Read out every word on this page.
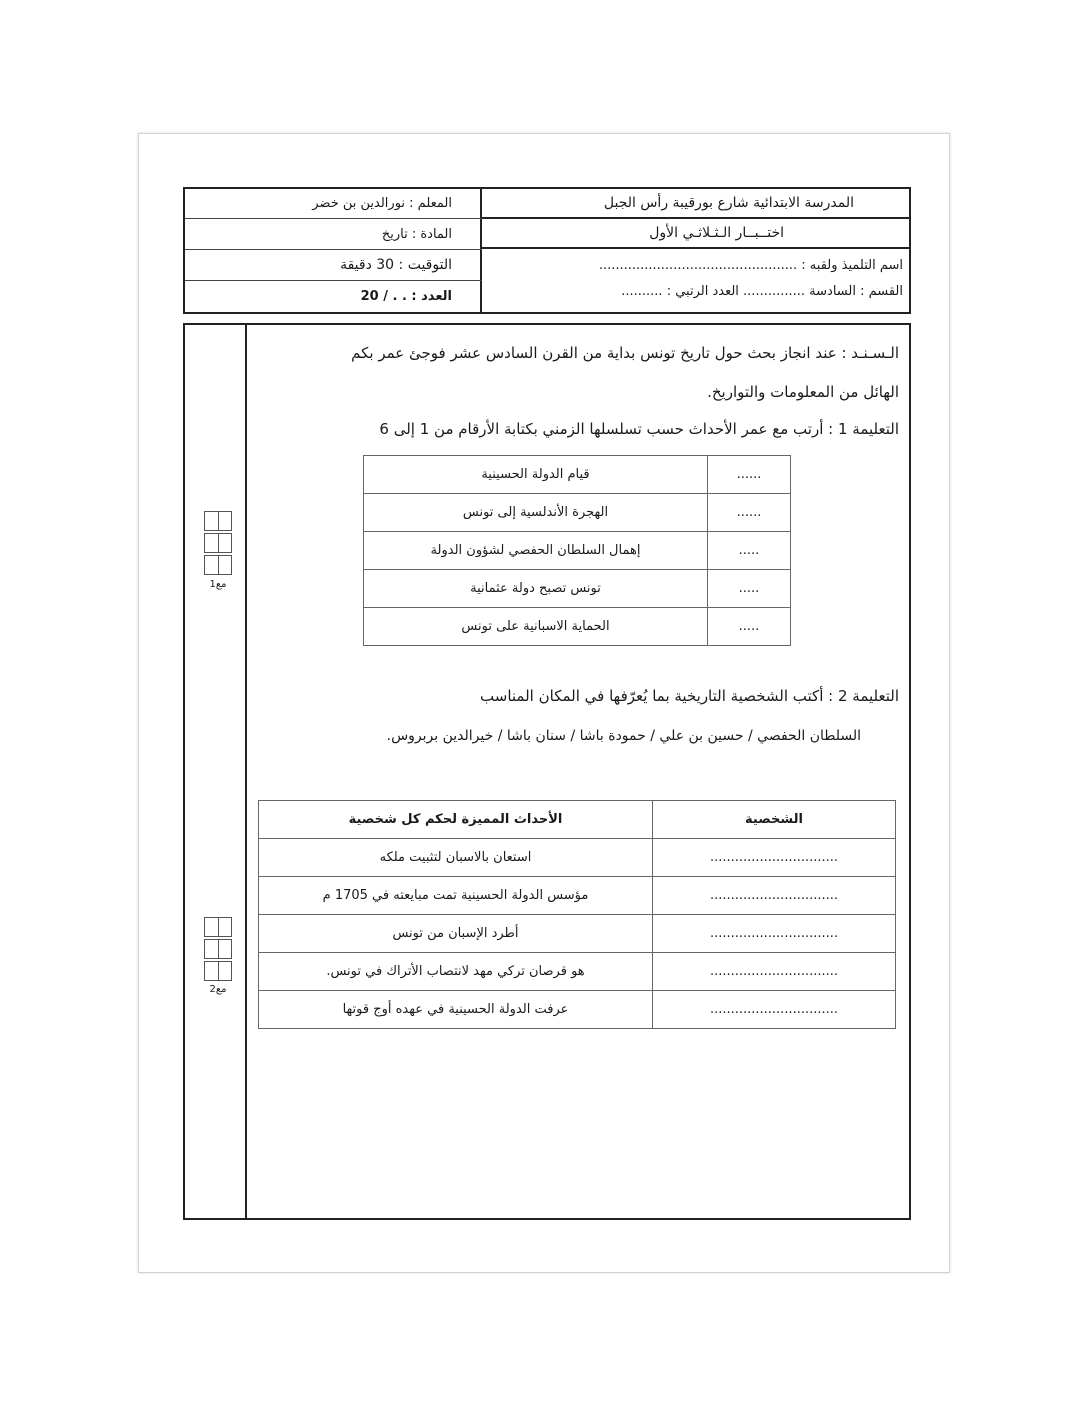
المدرسة الابتدائية شارع بورقيبة رأس الجبل
اختــبــار الـثـلاثـي الأول
اسم التلميذ ولقبه : ................................................
القسم : السادسة ............... العدد الرتبي : ..........
المعلم : نورالدين بن خضر
المادة : تاريخ
التوقيت : 30 دقيقة
العدد : . . / 20
مع1
مع2
الـسـنـد : عند انجاز بحث حول تاريخ تونس بداية من القرن السادس عشر فوجئ عمر بكم
الهائل من المعلومات والتواريخ.
التعليمة 1 : أرتب مع عمر الأحداث حسب تسلسلها الزمني بكتابة الأرقام من 1 إلى 6
......	قيام الدولة الحسينية
......	الهجرة الأندلسية إلى تونس
.....	إهمال السلطان الحفصي لشؤون الدولة
.....	تونس تصبح دولة عثمانية
.....	الحماية الاسبانية على تونس
التعليمة 2 : أكتب الشخصية التاريخية بما يُعرّفها في المكان المناسب
السلطان الحفصي / حسين بن علي / حمودة باشا / سنان باشا / خيرالدين بربروس.
الشخصية	الأحداث المميزة لحكم كل شخصية
...............................	استعان بالاسبان لتثبيت ملكه
...............................	مؤسس الدولة الحسينية تمت مبايعته في 1705 م
...............................	أطرد الإسبان من تونس
...............................	هو قرصان تركي مهد لانتصاب الأتراك في تونس.
...............................	عرفت الدولة الحسينية في عهده أوج قوتها
